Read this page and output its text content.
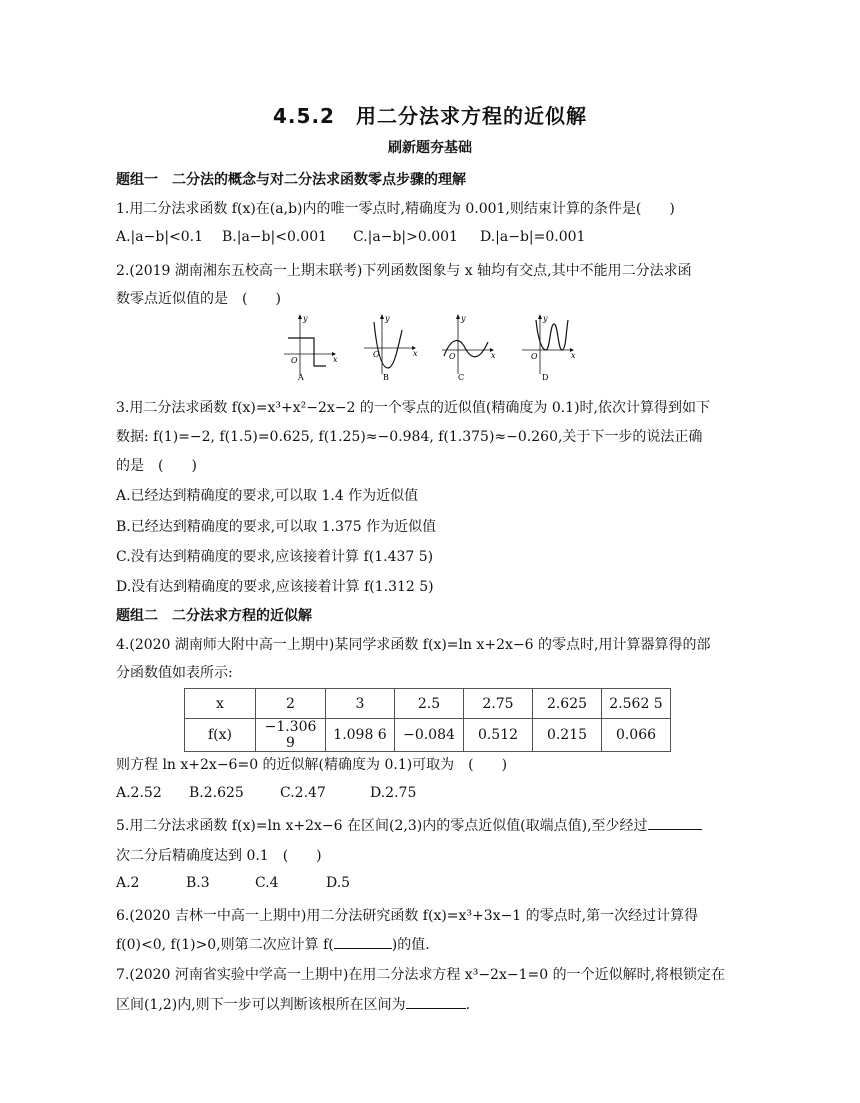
4.5.2　用二分法求方程的近似解
刷新题夯基础
题组一　二分法的概念与对二分法求函数零点步骤的理解
1.用二分法求函数 f(x)在(a,b)内的唯一零点时,精确度为 0.001,则结束计算的条件是(　　)
A.|a−b|<0.1 B.|a−b|<0.001 C.|a−b|>0.001 D.|a−b|=0.001
2.(2019 湖南湘东五校高一上期末联考)下列函数图象与 x 轴均有交点,其中不能用二分法求函
数零点近似值的是　(　　)
y
x
O
A
y
x
O
B
y
x
O
C
y
x
O
D
3.用二分法求函数 f(x)=x³+x²−2x−2 的一个零点的近似值(精确度为 0.1)时,依次计算得到如下
数据: f(1)=−2, f(1.5)=0.625, f(1.25)≈−0.984, f(1.375)≈−0.260,关于下一步的说法正确
的是　(　　)
A.已经达到精确度的要求,可以取 1.4 作为近似值
B.已经达到精确度的要求,可以取 1.375 作为近似值
C.没有达到精确度的要求,应该接着计算 f(1.437 5)
D.没有达到精确度的要求,应该接着计算 f(1.312 5)
题组二　二分法求方程的近似解
4.(2020 湖南师大附中高一上期中)某同学求函数 f(x)=ln x+2x−6 的零点时,用计算器算得的部
分函数值如表所示:
x	2	3	2.5	2.75	2.625	2.562 5
f(x)	−1.306 9	1.098 6	−0.084	0.512	0.215	0.066
则方程 ln x+2x−6=0 的近似解(精确度为 0.1)可取为　(　　)
A.2.52 B.2.625	C.2.47	D.2.75
5.用二分法求函数 f(x)=ln x+2x−6 在区间(2,3)内的零点近似值(取端点值),至少经过
次二分后精确度达到 0.1　(　　)
A.2	B.3	C.4	D.5
6.(2020 吉林一中高一上期中)用二分法研究函数 f(x)=x³+3x−1 的零点时,第一次经过计算得
f(0)<0, f(1)>0,则第二次应计算 f(	)的值.
7.(2020 河南省实验中学高一上期中)在用二分法求方程 x³−2x−1=0 的一个近似解时,将根锁定在
区间(1,2)内,则下一步可以判断该根所在区间为	.
